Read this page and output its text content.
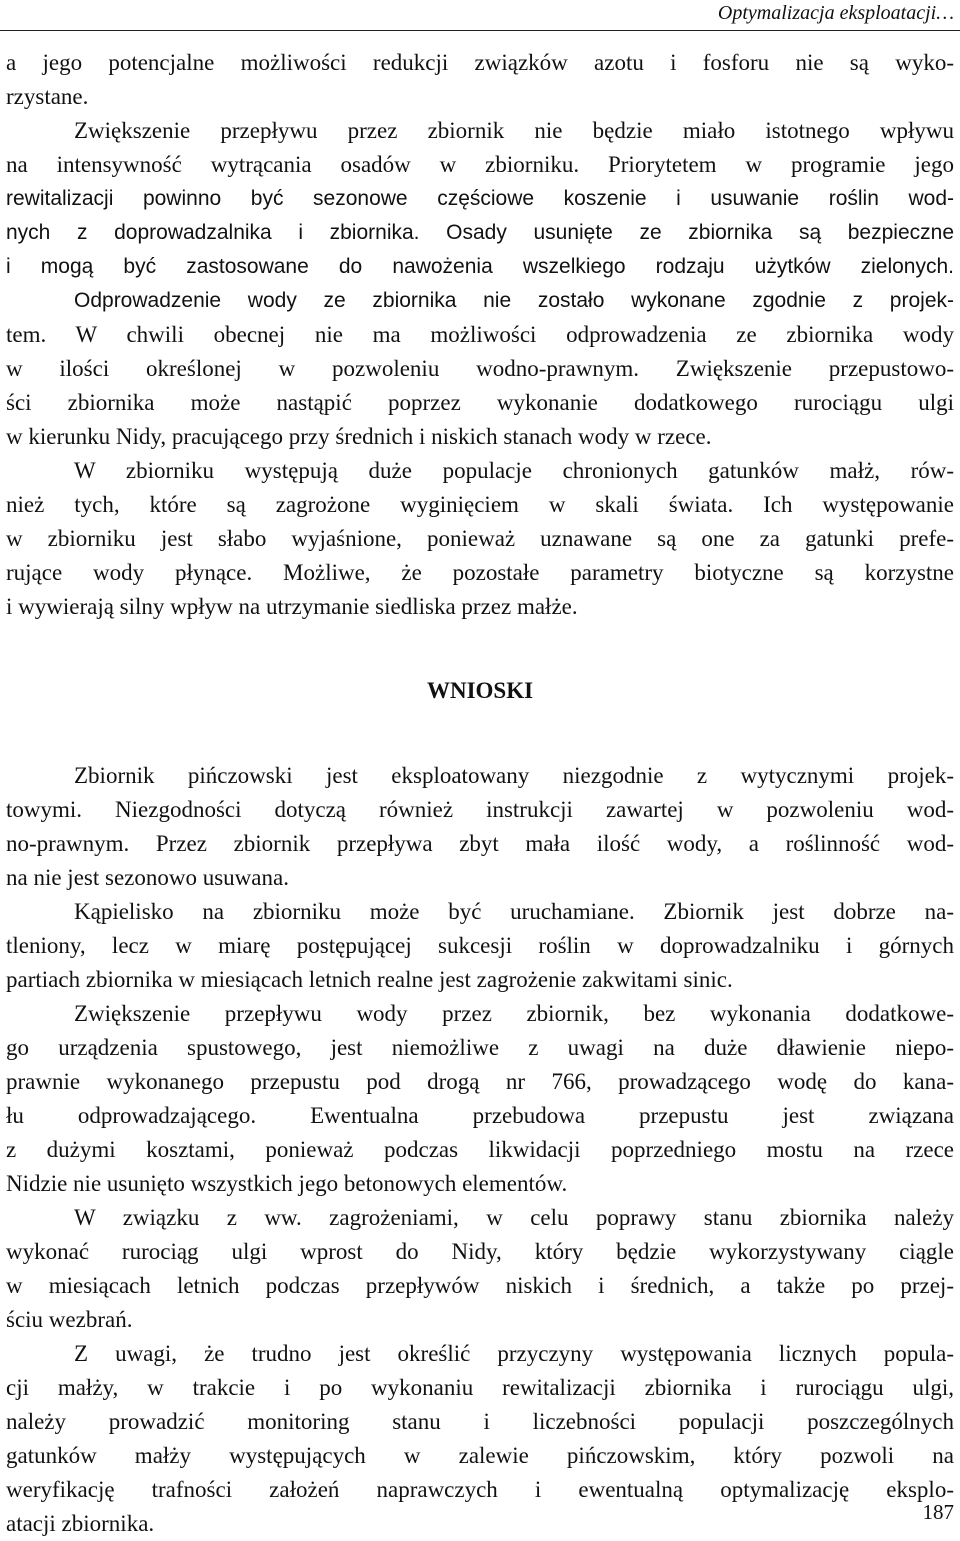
Optymalizacja eksploatacji…
a jego potencjalne możliwości redukcji związków azotu i fosforu nie są wyko-
rzystane.
Zwiększenie przepływu przez zbiornik nie będzie miało istotnego wpływu
na intensywność wytrącania osadów w zbiorniku. Priorytetem w programie jego
rewitalizacji powinno być sezonowe częściowe koszenie i usuwanie roślin wod-
nych z doprowadzalnika i zbiornika. Osady usunięte ze zbiornika są bezpieczne
i mogą być zastosowane do nawożenia wszelkiego rodzaju użytków zielonych.
Odprowadzenie wody ze zbiornika nie zostało wykonane zgodnie z projek-
tem. W chwili obecnej nie ma możliwości odprowadzenia ze zbiornika wody
w ilości określonej w pozwoleniu wodno-prawnym. Zwiększenie przepustowo-
ści zbiornika może nastąpić poprzez wykonanie dodatkowego rurociągu ulgi
w kierunku Nidy, pracującego przy średnich i niskich stanach wody w rzece.
W zbiorniku występują duże populacje chronionych gatunków małż, rów-
nież tych, które są zagrożone wyginięciem w skali świata. Ich występowanie
w zbiorniku jest słabo wyjaśnione, ponieważ uznawane są one za gatunki prefe-
rujące wody płynące. Możliwe, że pozostałe parametry biotyczne są korzystne
i wywierają silny wpływ na utrzymanie siedliska przez małże.
WNIOSKI
Zbiornik pińczowski jest eksploatowany niezgodnie z wytycznymi projek-
towymi. Niezgodności dotyczą również instrukcji zawartej w pozwoleniu wod-
no-prawnym. Przez zbiornik przepływa zbyt mała ilość wody, a roślinność wod-
na nie jest sezonowo usuwana.
Kąpielisko na zbiorniku może być uruchamiane. Zbiornik jest dobrze na-
tleniony, lecz w miarę postępującej sukcesji roślin w doprowadzalniku i górnych
partiach zbiornika w miesiącach letnich realne jest zagrożenie zakwitami sinic.
Zwiększenie przepływu wody przez zbiornik, bez wykonania dodatkowe-
go urządzenia spustowego, jest niemożliwe z uwagi na duże dławienie niepo-
prawnie wykonanego przepustu pod drogą nr 766, prowadzącego wodę do kana-
łu odprowadzającego. Ewentualna przebudowa przepustu jest związana
z dużymi kosztami, ponieważ podczas likwidacji poprzedniego mostu na rzece
Nidzie nie usunięto wszystkich jego betonowych elementów.
W związku z ww. zagrożeniami, w celu poprawy stanu zbiornika należy
wykonać rurociąg ulgi wprost do Nidy, który będzie wykorzystywany ciągle
w miesiącach letnich podczas przepływów niskich i średnich, a także po przej-
ściu wezbrań.
Z uwagi, że trudno jest określić przyczyny występowania licznych popula-
cji małży, w trakcie i po wykonaniu rewitalizacji zbiornika i rurociągu ulgi,
należy prowadzić monitoring stanu i liczebności populacji poszczególnych
gatunków małży występujących w zalewie pińczowskim, który pozwoli na
weryfikację trafności założeń naprawczych i ewentualną optymalizację eksplo-
atacji zbiornika.	187
